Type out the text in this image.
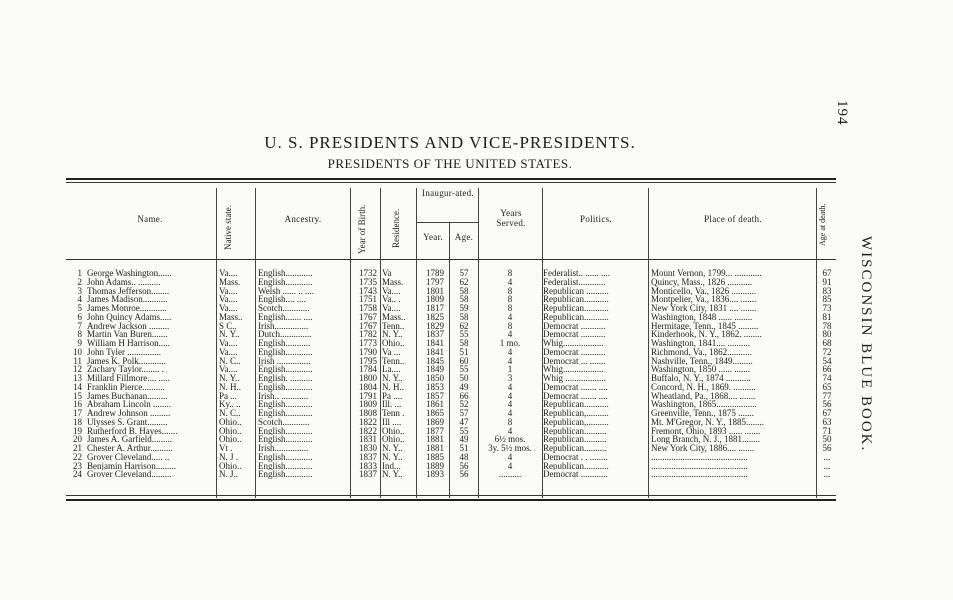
194
WISCONSIN BLUE BOOK.
U. S. PRESIDENTS AND VICE-PRESIDENTS.
PRESIDENTS OF THE UNITED STATES.
Name.	Native state.	Ancestry.	Year of Birth.	Residence.
Inaugur-ated.
Year.	Age.
Years Served.	Politics.	Place of death.	Age at death.
1 George Washington......	Va....	English............	1732 Va	1789	57	8	Federalist.. ...... ....	Mount Vernon, 1799... ............	67
2 John Adams.. ..........	Mass.	English............	1735 Mass.	1797	62	4	Federalist............	Quincy, Mass., 1826 ...........	91
3 Thomas Jefferson........	Va....	Welsh ...... .. ....	1743 Va....	1801	58	8	Republican ..........	Monticello, Va., 1826 ...........	83
4 James Madison...........	Va....	English.... ....	1751 Va.. .	1809	58	8	Republican...........	Montpelier, Va., 1836.... .......	85
5 James Monroe............	Va....	Scotch............	1758 Va....	1817	59	8	Republican...........	New York City, 1831 .... .......	73
6 John Quincy Adams.....	Mass..	English....... ....	1767 Mass..	1825	58	4	Republican...........	Washington, 1848 ...... ........	81
7 Andrew Jackson .........	S C..	Irish...............	1767 Tenn..	1829	62	8	Democrat ...........	Hermitage, Tenn., 1845 .........	78
8 Martin Van Buren.......	N. Y..	Dutch..............	1782 N. Y..	1837	55	4	Democrat ...........	Kinderhook, N. Y., 1862. ........	80
9 William H Harrison.....	Va....	English...........	1773 Ohio..	1841	58	1 mo.	Whig..................	Washington, 1841.... ..........	68
10 John Tyler ...............	Va....	English............	1790 Va ...	1841	51	4	Democrat ...........	Richmond, Va., 1862...........	72
11 James K. Polk............	N. C..	Irish ...............	1795 Tenn..	1845	60	4	Democrat ... .......	Nashville, Tenn., 1849.........	54
12 Zachary Taylor........ .	Va....	English............	1784 La....	1849	55	1	Whig..................	Washington, 1850 ...... .......	66
13 Millard Fillmore.... .....	N. Y..	English. ..........	1800 N. Y..	1850	50	3	Whig ..................	Buffalo, N. Y., 1874 ...........	74
14 Franklin Pierce..........	N. H..	English............	1804 N. H..	1853	49	4	Democrat ....... ....	Concord, N. H., 1869. ..........	65
15 James Buchanan.........	Pa ...	Irish.. ............	1791 Pa ....	1857	66	4	Democrat ....... ....	Wheatland, Pa., 1868.... .......	77
16 Abraham Lincoln ........	Ky.. ..	English............	1809 Ill. ...	1861	52	4	Republican...........	Washington, 1865..................	56
17 Andrew Johnson .........	N. C..	English............	1808 Tenn .	1865	57	4	Republican,..........	Greenville, Tenn., 1875 .......	67
18 Ulysses S. Grant.........	Ohio..	Scotch............	1822 Ill ....	1869	47	8	Republican,..........	Mt. M'Gregor, N. Y., 1885........	63
19 Rutherford B. Hayes.......	Ohio..	English............	1822 Ohio..	1877	55	4	Republican..........	Fremont, Ohio, 1893 ...... .......	71
20 James A. Garfield.........	Ohio..	English............	1831 Ohio..	1881	49	6½ mos.	Republican..........	Long Branch, N. J., 1881........	50
21 Chester A. Arthur..........	Vt .	Irish...............	1830 N. Y..	1881	51	3y. 5½ mos.	Republican..........	New York City, 1886.... .......	56
22 Grover Cleveland..... ..	N. J .	English............	1837 N. Y..	1885	48	4	Democrat . . ........	...........................................	...
23 Benjamin Harrison.........	Ohio..	English............	1833 Ind...	1889	56	4	Republican...........	...........................................	...
24 Grover Cleveland.........	N. J..	English............	1837 N. Y..	1893	56	..........	Democrat ............	...........................................	...
